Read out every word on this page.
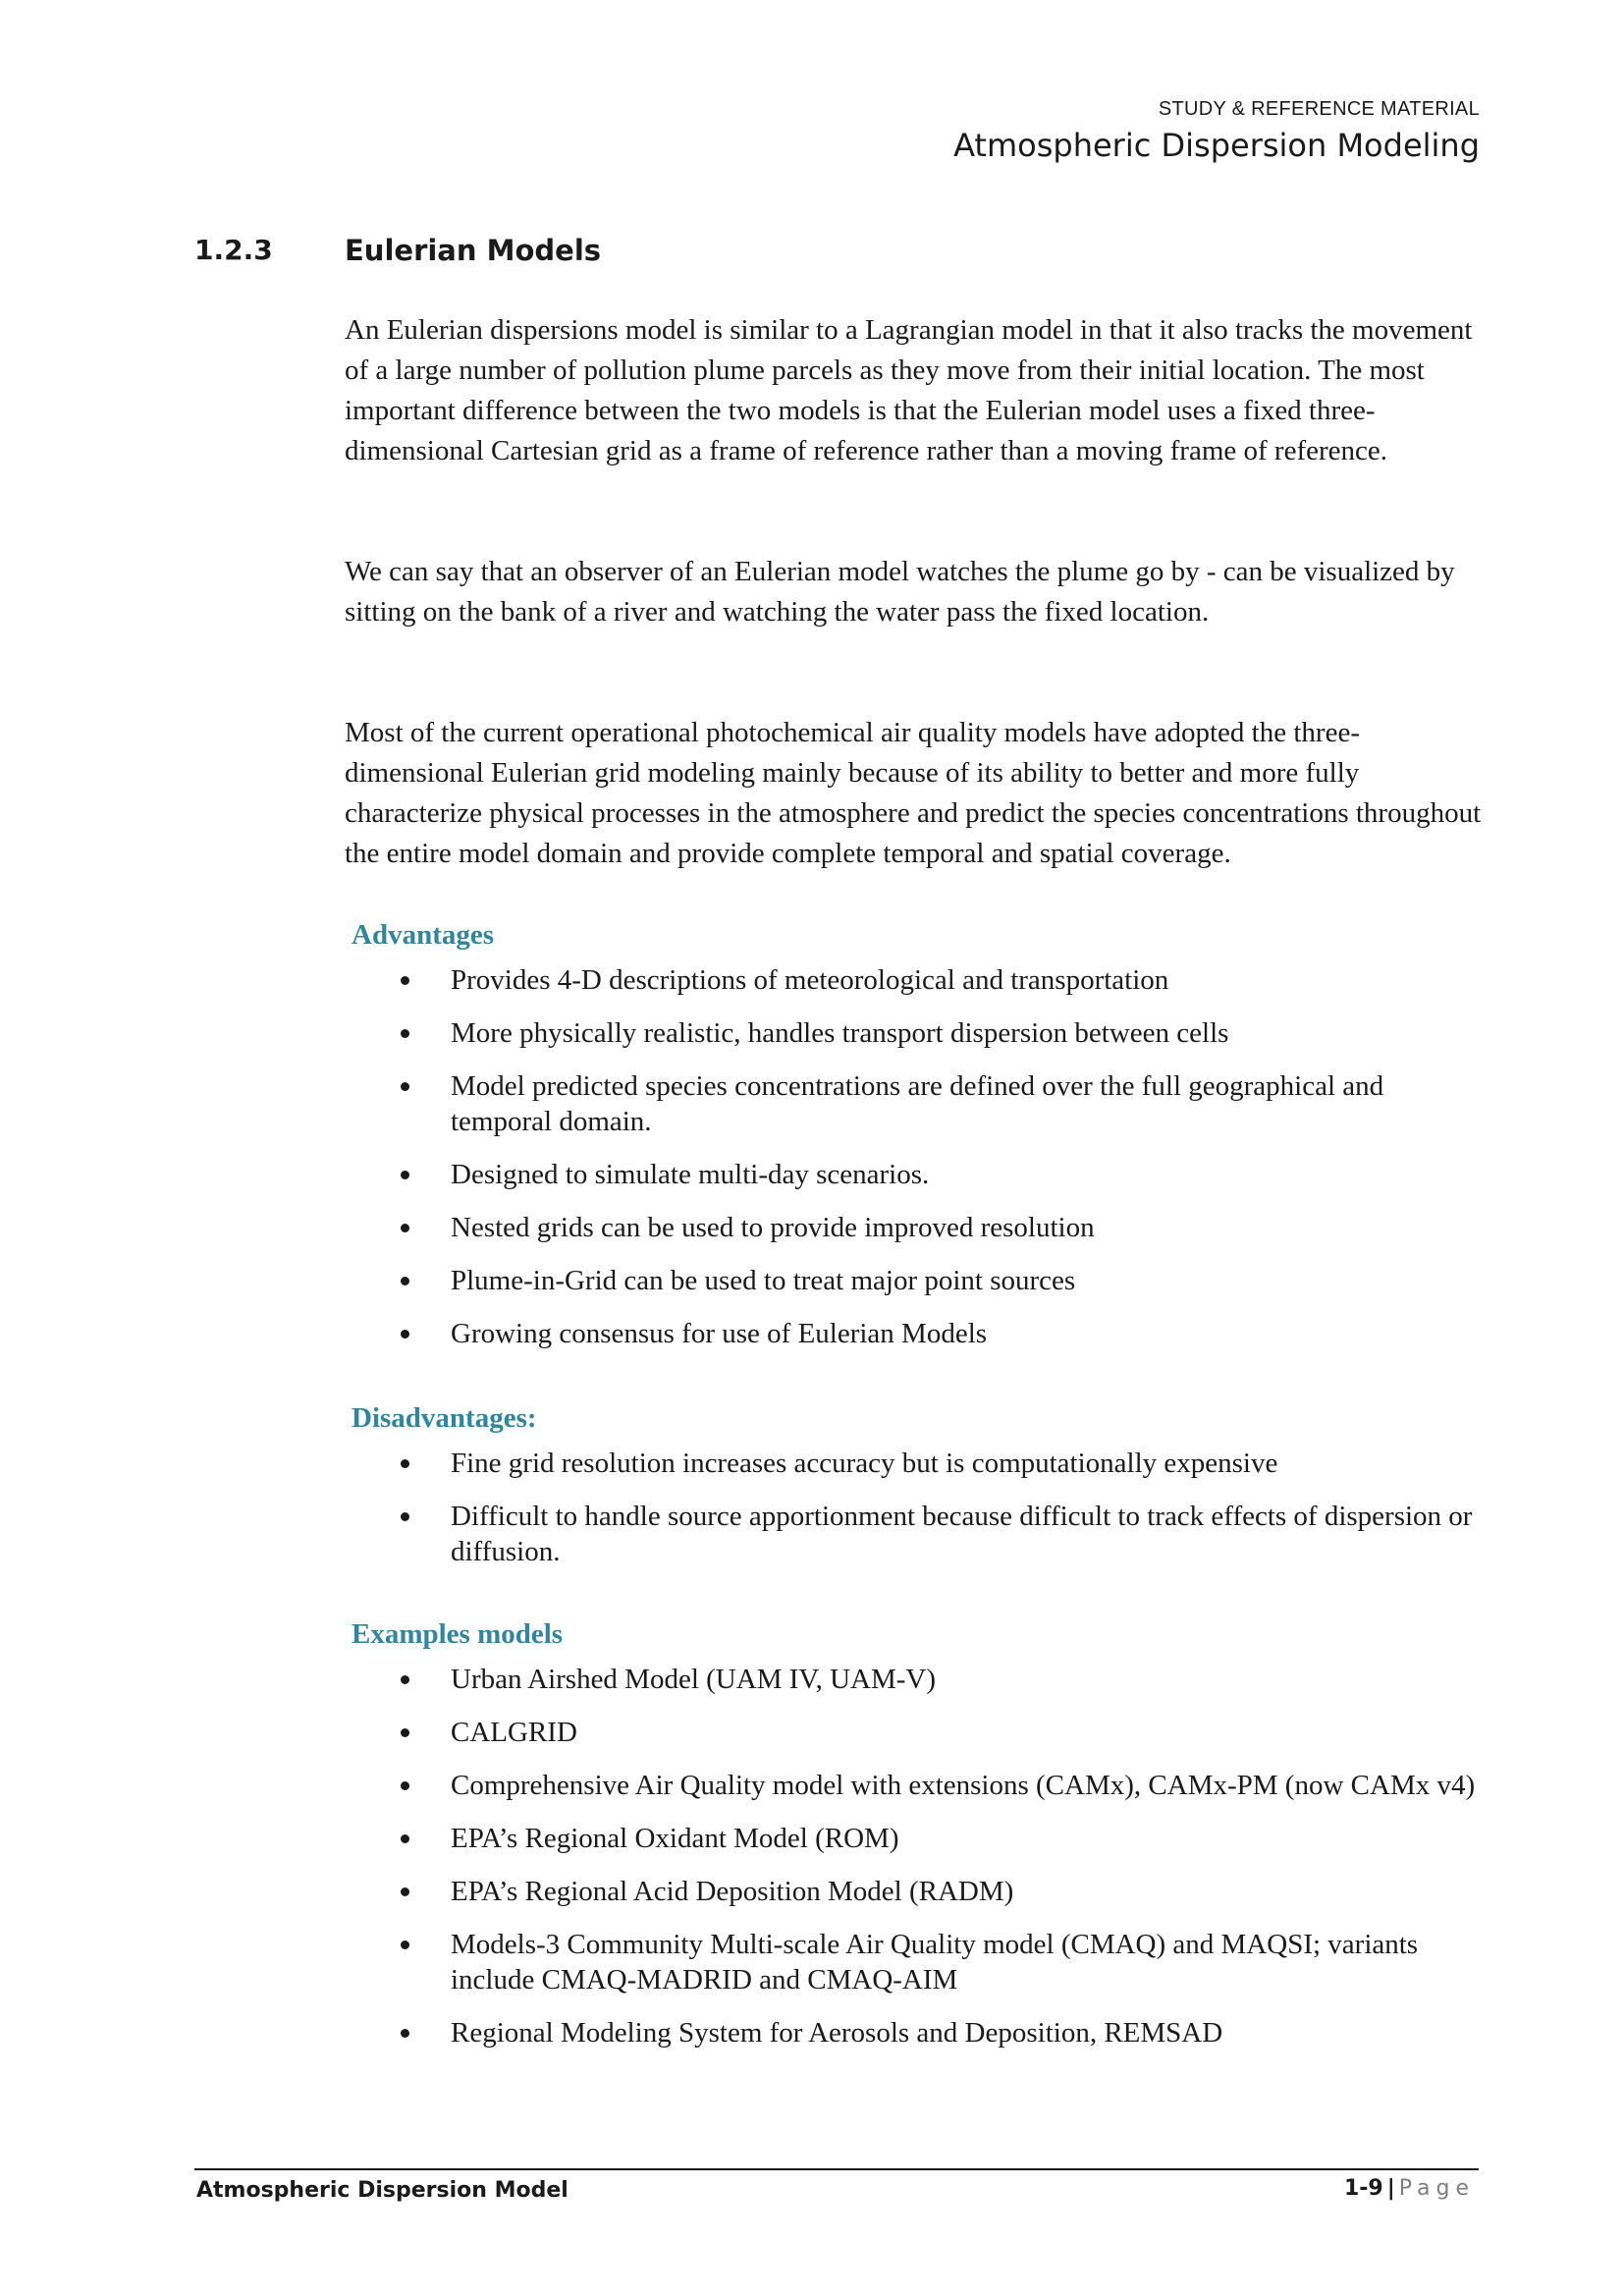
STUDY & REFERENCE MATERIAL
Atmospheric Dispersion Modeling
1.2.3	Eulerian Models
An Eulerian dispersions model is similar to a Lagrangian model in that it also tracks the movement of a large number of pollution plume parcels as they move from their initial location. The most important difference between the two models is that the Eulerian model uses a fixed three-dimensional Cartesian grid as a frame of reference rather than a moving frame of reference.
We can say that an observer of an Eulerian model watches the plume go by - can be visualized by sitting on the bank of a river and watching the water pass the fixed location.
Most of the current operational photochemical air quality models have adopted the three-dimensional Eulerian grid modeling mainly because of its ability to better and more fully characterize physical processes in the atmosphere and predict the species concentrations throughout the entire model domain and provide complete temporal and spatial coverage.
Advantages
Provides 4-D descriptions of meteorological and transportation
More physically realistic, handles transport dispersion between cells
Model predicted species concentrations are defined over the full geographical and temporal domain.
Designed to simulate multi-day scenarios.
Nested grids can be used to provide improved resolution
Plume-in-Grid can be used to treat major point sources
Growing consensus for use of Eulerian Models
Disadvantages:
Fine grid resolution increases accuracy but is computationally expensive
Difficult to handle source apportionment because difficult to track effects of dispersion or diffusion.
Examples models
Urban Airshed Model (UAM IV, UAM-V)
CALGRID
Comprehensive Air Quality model with extensions (CAMx), CAMx-PM (now CAMx v4)
EPA’s Regional Oxidant Model (ROM)
EPA’s Regional Acid Deposition Model (RADM)
Models-3 Community Multi-scale Air Quality model (CMAQ) and MAQSI; variants include CMAQ-MADRID and CMAQ-AIM
Regional Modeling System for Aerosols and Deposition, REMSAD
Atmospheric Dispersion Model	1-9 | Page
